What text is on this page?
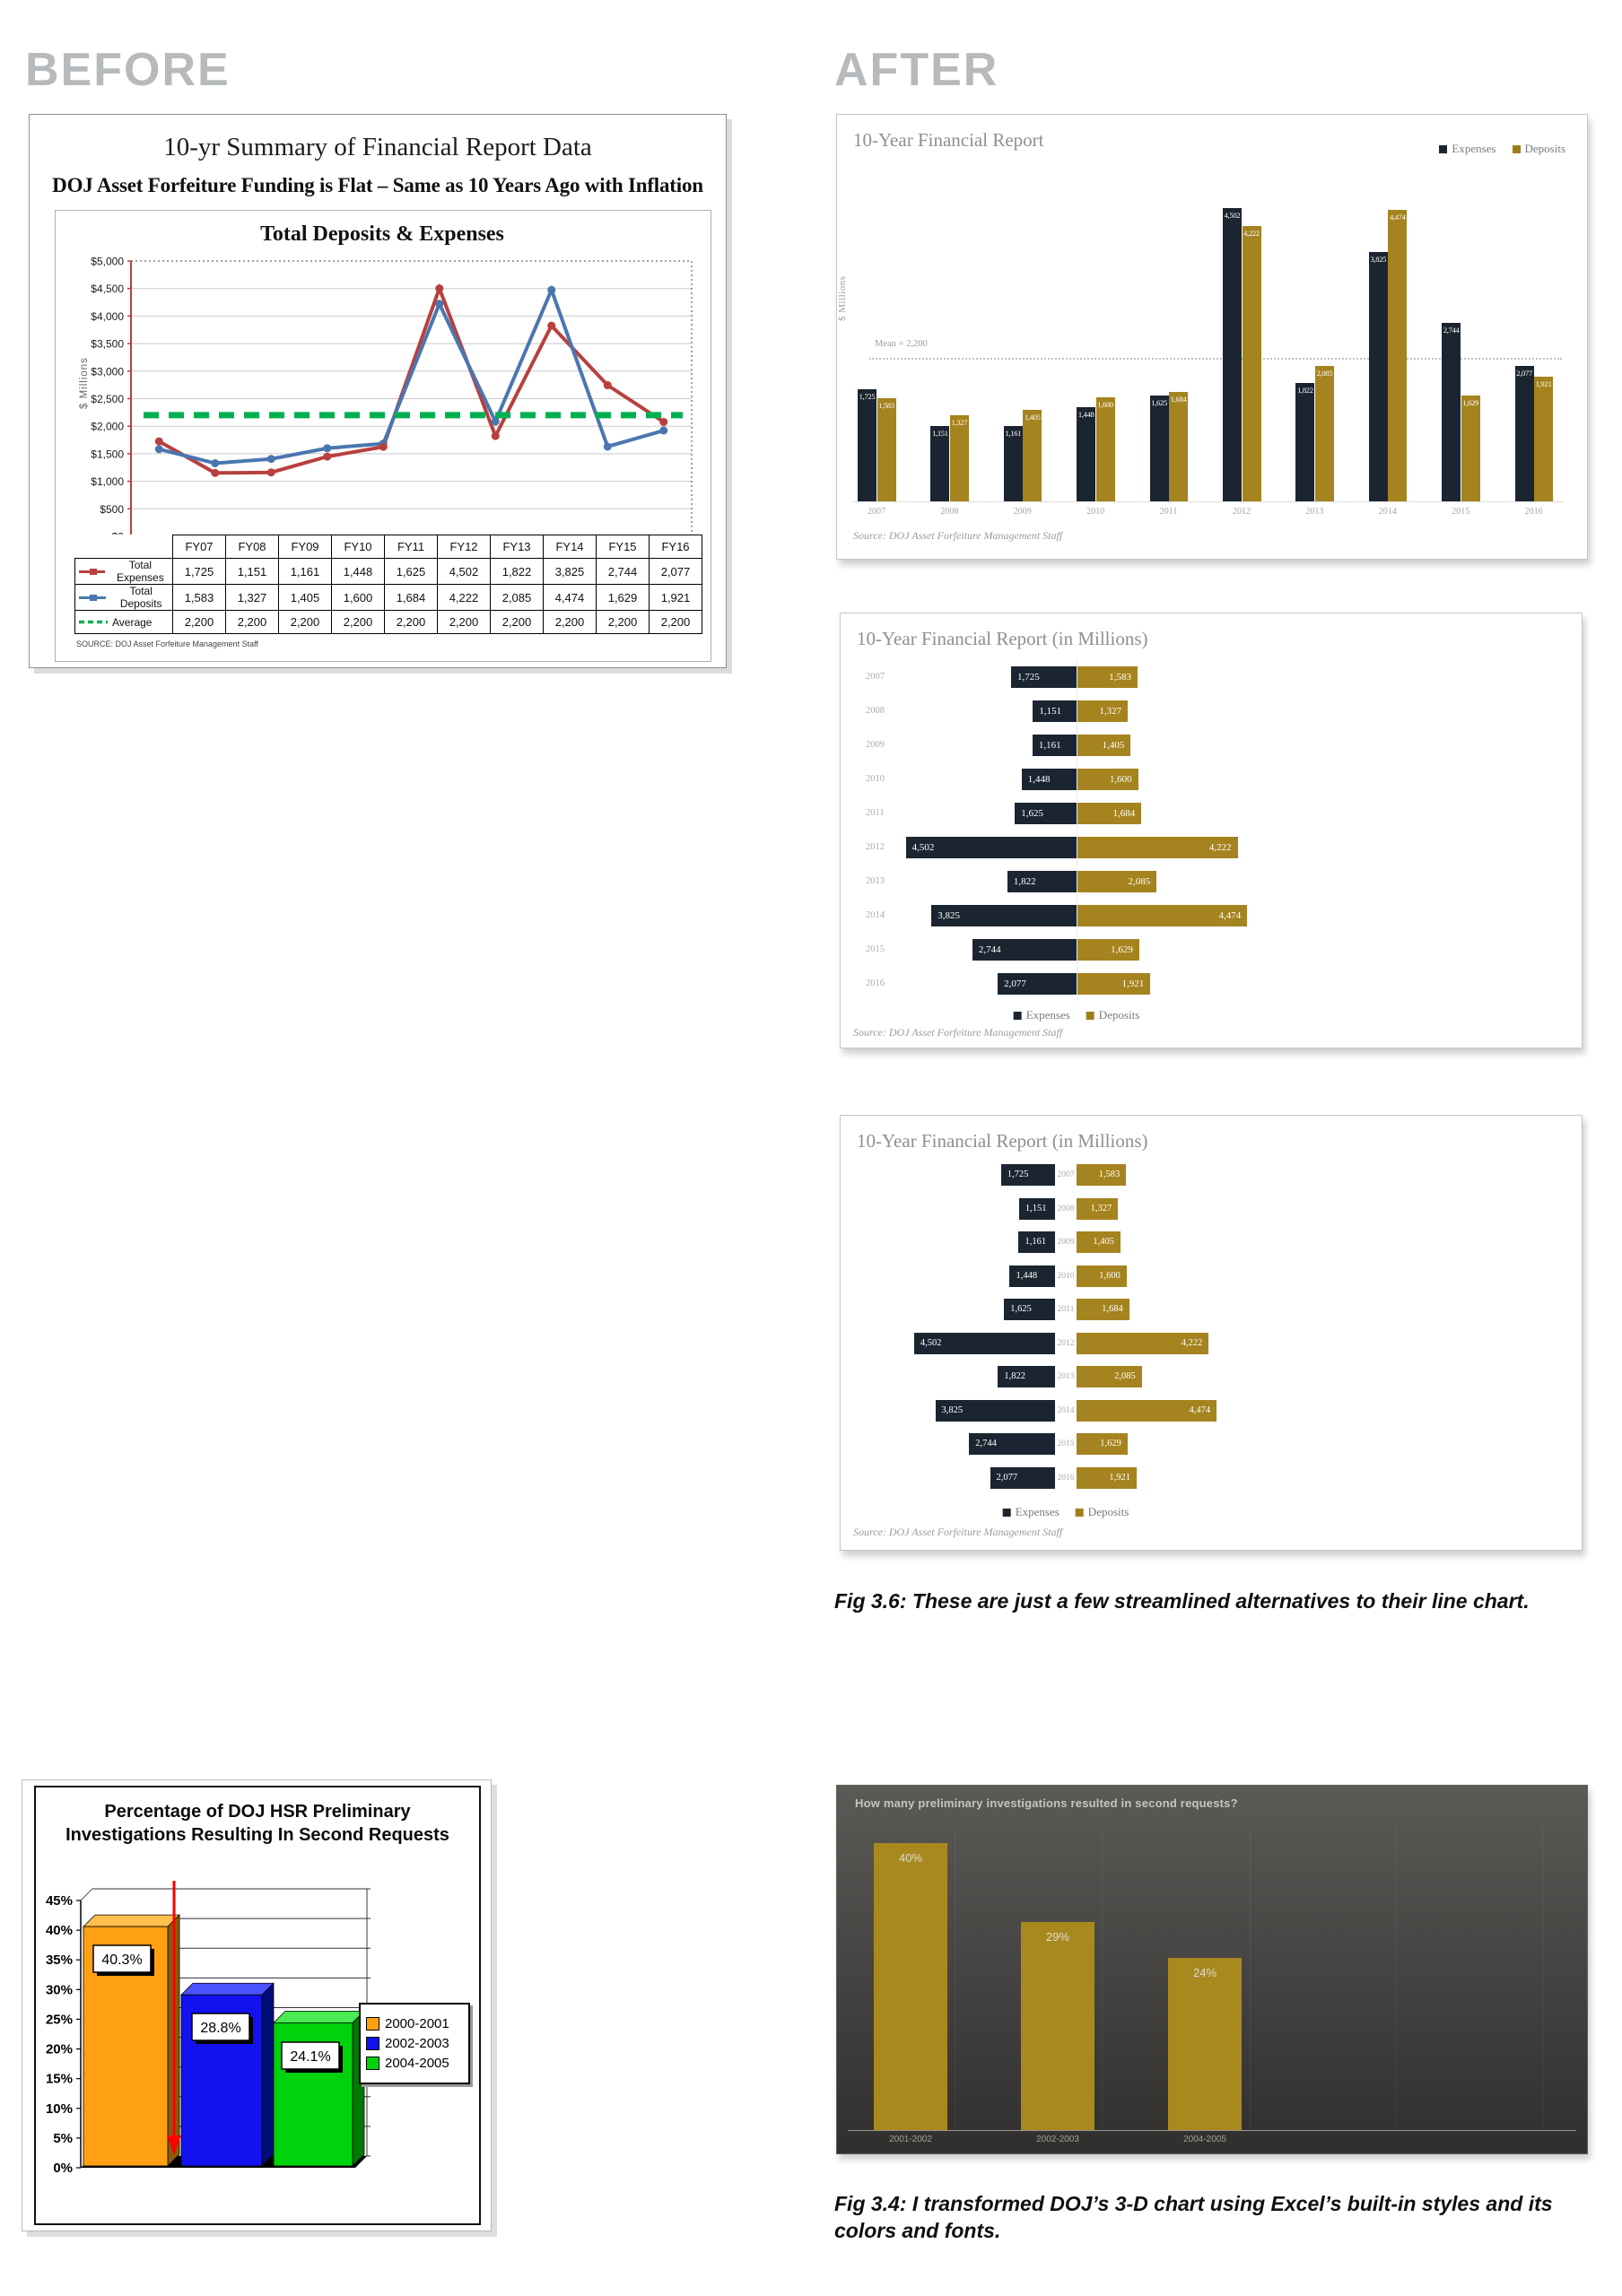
BEFORE	AFTER
10-yr Summary of Financial Report Data
DOJ Asset Forfeiture Funding is Flat – Same as 10 Years Ago with Inflation
Total Deposits & Expenses
$5,000
$4,500
$4,000
$3,500
$3,000
$2,500
$2,000
$1,500
$1,000
$500
$ Millions
	FY07	FY08	FY09	FY10	FY11	FY12	FY13	FY14	FY15	FY16

Total Expenses	1,725	1,151	1,161	1,448	1,625	4,502	1,822	3,825	2,744	2,077

Total Deposits	1,583	1,327	1,405	1,600	1,684	4,222	2,085	4,474	1,629	1,921

Average	2,200	2,200	2,200	2,200	2,200	2,200	2,200	2,200	2,200	2,200
SOURCE: DOJ Asset Forfeiture Management Staff
10-Year Financial Report	Expenses Deposits
$ Millions
Mean = 2,200
1,725
1,583
2007
1,151
1,327
2008
1,161
1,405
2009
1,448
1,600
2010
1,625 1,684
2011
4,502
4,222
2012
1,822
2,085
2013
3,825
4,474
2014
2,744
1,629
2015
2,077
1,921
2016
Source: DOJ Asset Forfeiture Management Staff
10-Year Financial Report (in Millions)
1,725	1,583
2007
1,151	1,327
2008
1,161	1,405
2009
1,448	1,600
2010
1,625	1,684
2011
4,502	4,222
2012
1,822	2,085
2013
3,825	4,474
2014
2,744	1,629
2015
2,077	1,921
2016
Expenses Deposits
Source: DOJ Asset Forfeiture Management Staff
10-Year Financial Report (in Millions)
1,725	1,583
2007
1,151	1,327
2008
1,161	1,405
2009
1,448	1,600
2010
1,625	1,684
2011
4,502	4,222
2012
1,822	2,085
2013
3,825	4,474
2014
2,744	1,629
2015
2,077	1,921
2016
Expenses Deposits
Source: DOJ Asset Forfeiture Management Staff
Fig 3.6: These are just a few streamlined alternatives to their line chart.
Percentage of DOJ HSR Preliminary
Investigations Resulting In Second Requests
45%
40%
35%
30%
25%
20%
15%
10%
5%
0%
40.3%
28.8%
24.1%
2000-2001
2002-2003
2004-2005
How many preliminary investigations resulted in second requests?
40%
2001-2002
29%
2002-2003
24%
2004-2005
Fig 3.4: I transformed DOJ’s 3-D chart using Excel’s built-in styles and its colors and fonts.
